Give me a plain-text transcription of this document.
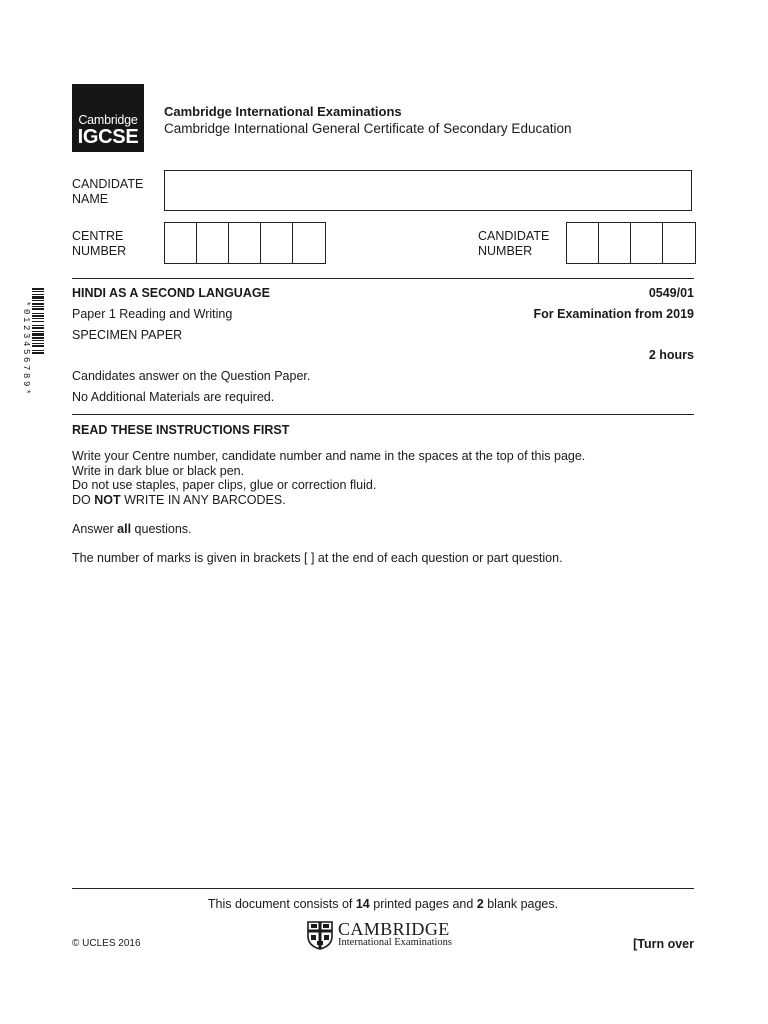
Cambridge
IGCSE
Cambridge International Examinations
Cambridge International General Certificate of Secondary Education
CANDIDATE
NAME
CENTRE
NUMBER
CANDIDATE
NUMBER
HINDI AS A SECOND LANGUAGE	0549/01
Paper 1 Reading and Writing	For Examination from 2019
SPECIMEN PAPER
2 hours
Candidates answer on the Question Paper.
No Additional Materials are required.
READ THESE INSTRUCTIONS FIRST
Write your Centre number, candidate number and name in the spaces at the top of this page.
Write in dark blue or black pen.
Do not use staples, paper clips, glue or correction fluid.
DO NOT WRITE IN ANY BARCODES.
Answer all questions.
The number of marks is given in brackets [ ] at the end of each question or part question.
*0123456789*
This document consists of 14 printed pages and 2 blank pages.
© UCLES 2016
CAMBRIDGE
International Examinations	[Turn over
